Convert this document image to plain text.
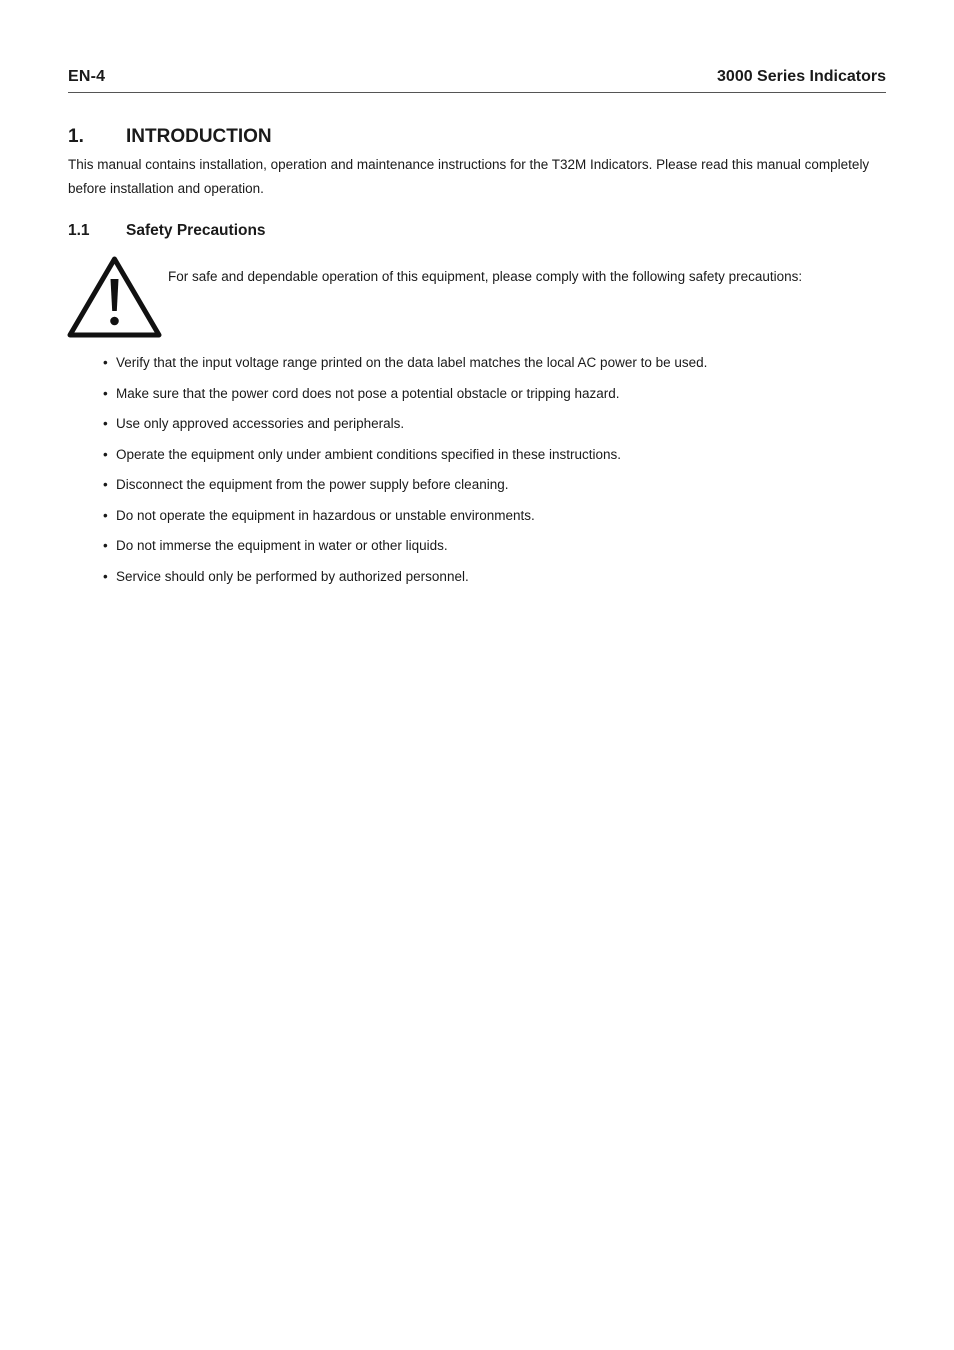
EN-4	3000 Series Indicators
1. INTRODUCTION
This manual contains installation, operation and maintenance instructions for the T32M Indicators. Please read this manual completely before installation and operation.
1.1 Safety Precautions
For safe and dependable operation of this equipment, please comply with the following safety precautions:
• Verify that the input voltage range printed on the data label matches the local AC power to be used.
• Make sure that the power cord does not pose a potential obstacle or tripping hazard.
• Use only approved accessories and peripherals.
• Operate the equipment only under ambient conditions specified in these instructions.
• Disconnect the equipment from the power supply before cleaning.
• Do not operate the equipment in hazardous or unstable environments.
• Do not immerse the equipment in water or other liquids.
• Service should only be performed by authorized personnel.
